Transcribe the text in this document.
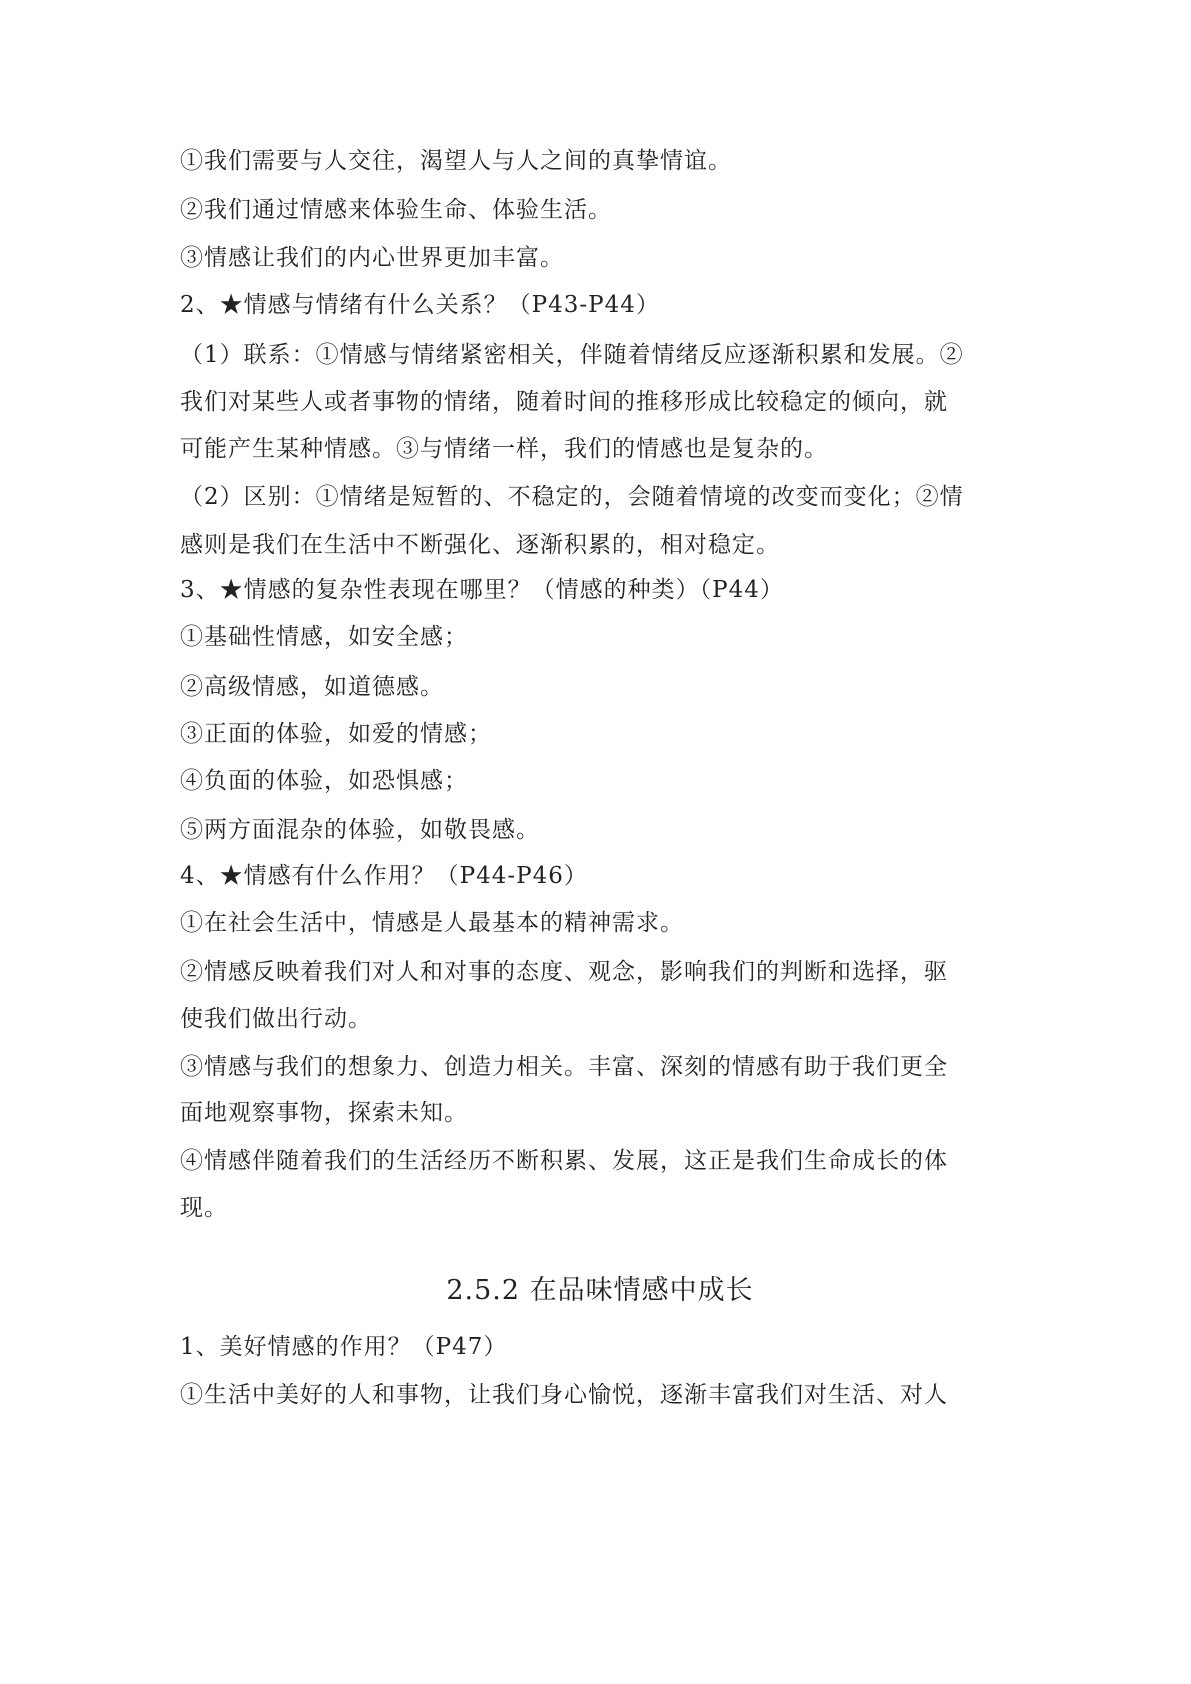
①我们需要与人交往，渴望人与人之间的真挚情谊。
②我们通过情感来体验生命、体验生活。
③情感让我们的内心世界更加丰富。
2、★情感与情绪有什么关系？（P43-P44）
（1）联系：①情感与情绪紧密相关，伴随着情绪反应逐渐积累和发展。②
我们对某些人或者事物的情绪，随着时间的推移形成比较稳定的倾向，就
可能产生某种情感。③与情绪一样，我们的情感也是复杂的。
（2）区别：①情绪是短暂的、不稳定的，会随着情境的改变而变化；②情
感则是我们在生活中不断强化、逐渐积累的，相对稳定。
3、★情感的复杂性表现在哪里？（情感的种类）（P44）
①基础性情感，如安全感；
②高级情感，如道德感。
③正面的体验，如爱的情感；
④负面的体验，如恐惧感；
⑤两方面混杂的体验，如敬畏感。
4、★情感有什么作用？（P44-P46）
①在社会生活中，情感是人最基本的精神需求。
②情感反映着我们对人和对事的态度、观念，影响我们的判断和选择，驱
使我们做出行动。
③情感与我们的想象力、创造力相关。丰富、深刻的情感有助于我们更全
面地观察事物，探索未知。
④情感伴随着我们的生活经历不断积累、发展，这正是我们生命成长的体
现。
2.5.2 在品味情感中成长
1、美好情感的作用？（P47）
①生活中美好的人和事物，让我们身心愉悦，逐渐丰富我们对生活、对人
